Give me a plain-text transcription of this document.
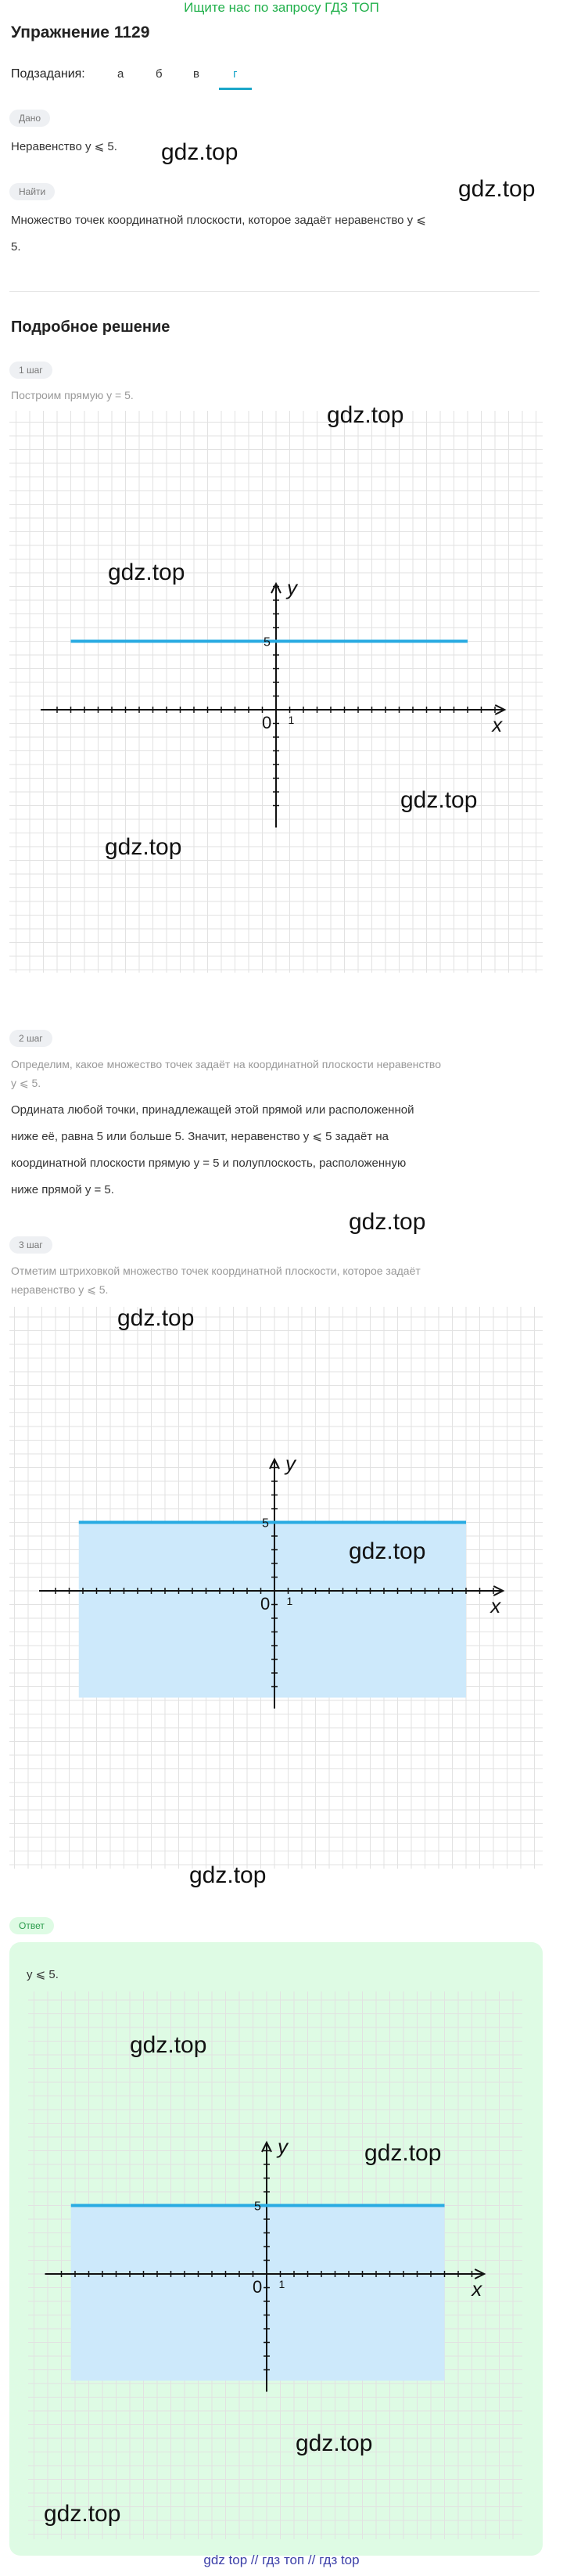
Ищите нас по запросу ГДЗ ТОП
Упражнение 1129
Подзадания:	а	б	в	г
Дано
Неравенство y ⩽ 5. gdz.top
gdz.top
Найти
Множество точек координатной плоскости, которое задаёт неравенство y ⩽
5.
Подробное решение
1 шаг
Построим прямую y = 5.
x
y
0 1
5
gdz.top
gdz.top
gdz.top
gdz.top
2 шаг
Определим, какое множество точек задаёт на координатной плоскости неравенство
y ⩽ 5.
Ордината любой точки, принадлежащей этой прямой или расположенной
ниже её, равна 5 или больше 5. Значит, неравенство y ⩽ 5 задаёт на
координатной плоскости прямую y = 5 и полуплоскость, расположенную
ниже прямой y = 5.
gdz.top
3 шаг
Отметим штриховкой множество точек координатной плоскости, которое задаёт
неравенство y ⩽ 5.
x
y
0 1
5
gdz.top
gdz.top
gdz.top
Ответ
y ⩽ 5.
x
y
0 1
5
gdz.top
gdz.top
gdz.top
gdz.top
gdz top // гдз топ // гдз top
